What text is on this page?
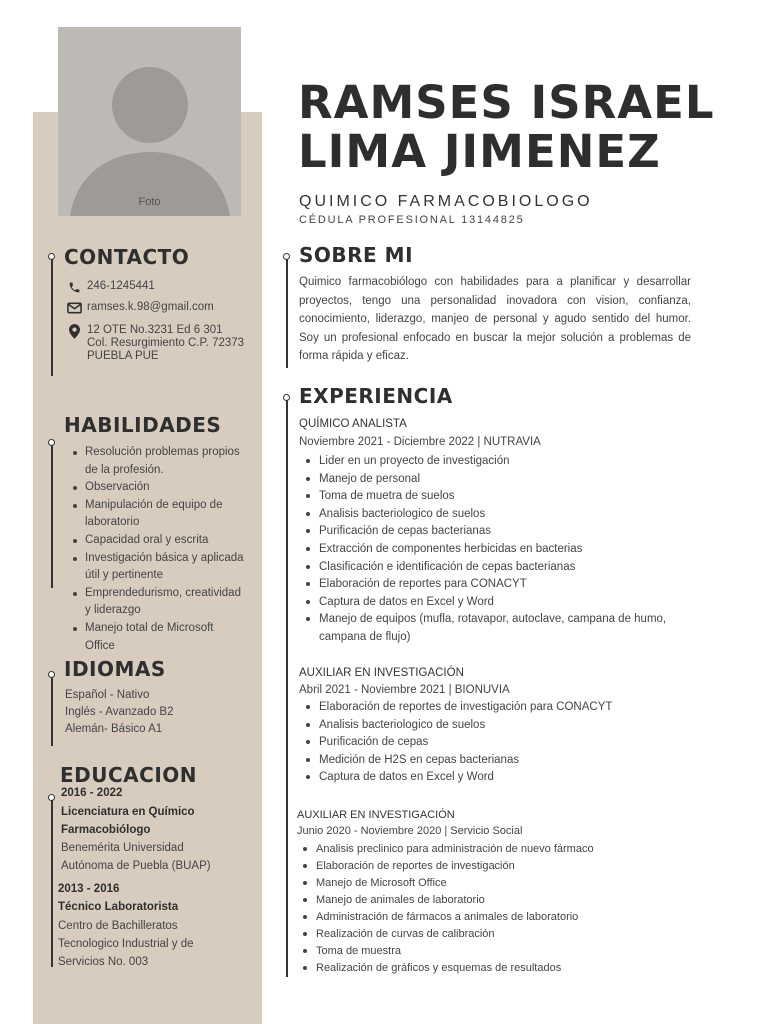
Foto
RAMSES ISRAEL
LIMA JIMENEZ
QUIMICO FARMACOBIOLOGO
CÉDULA PROFESIONAL 13144825
CONTACTO
246-1245441
ramses.k.98@gmail.com
12 OTE No.3231 Ed 6 301
Col. Resurgimiento C.P. 72373
PUEBLA PUE
HABILIDADES
Resolución problemas propios de la profesión.
Observación
Manipulación de equipo de laboratorio
Capacidad oral y escrita
Investigación básica y aplicada útil y pertinente
Emprendedurismo, creatividad y liderazgo
Manejo total de Microsoft Office
IDIOMAS
Español - Nativo
Inglés - Avanzado B2
Alemán- Básico A1
EDUCACION
2016 - 2022
Licenciatura en Químico
Farmacobiólogo
Benemérita Universidad
Autónoma de Puebla (BUAP)
2013 - 2016
Técnico Laboratorista
Centro de Bachilleratos
Tecnologico Industrial y de
Servicios No. 003
SOBRE MI
Quimico farmacobiólogo con habilidades para a planificar y desarrollar proyectos, tengo una personalidad inovadora con vision, confianza, conocimiento, liderazgo, manjeo de personal y agudo sentido del humor. Soy un profesional enfocado en buscar la mejor solución a problemas de forma rápida y eficaz.
EXPERIENCIA
QUÍMICO ANALISTA
Noviembre 2021 - Diciembre 2022 | NUTRAVIA
Lider en un proyecto de investigación
Manejo de personal
Toma de muetra de suelos
Analisis bacteriologico de suelos
Purificación de cepas bacterianas
Extracción de componentes herbicidas en bacterias
Clasificación e identificación de cepas bacterianas
Elaboración de reportes para CONACYT
Captura de datos en Excel y Word
Manejo de equipos (mufla, rotavapor, autoclave, campana de humo, campana de flujo)
AUXILIAR EN INVESTIGACIÓN
Abril 2021 - Noviembre 2021 | BIONUVIA
Elaboración de reportes de investigación para CONACYT
Analisis bacteriologico de suelos
Purificación de cepas
Medición de H2S en cepas bacterianas
Captura de datos en Excel y Word
AUXILIAR EN INVESTIGACIÓN
Junio 2020 - Noviembre 2020 | Servicio Social
Analisis preclinico para administración de nuevo fármaco
Elaboración de reportes de investigación
Manejo de Microsoft Office
Manejo de animales de laboratorio
Administración de fármacos a animales de laboratorio
Realización de curvas de calibración
Toma de muestra
Realización de gráficos y esquemas de resultados
